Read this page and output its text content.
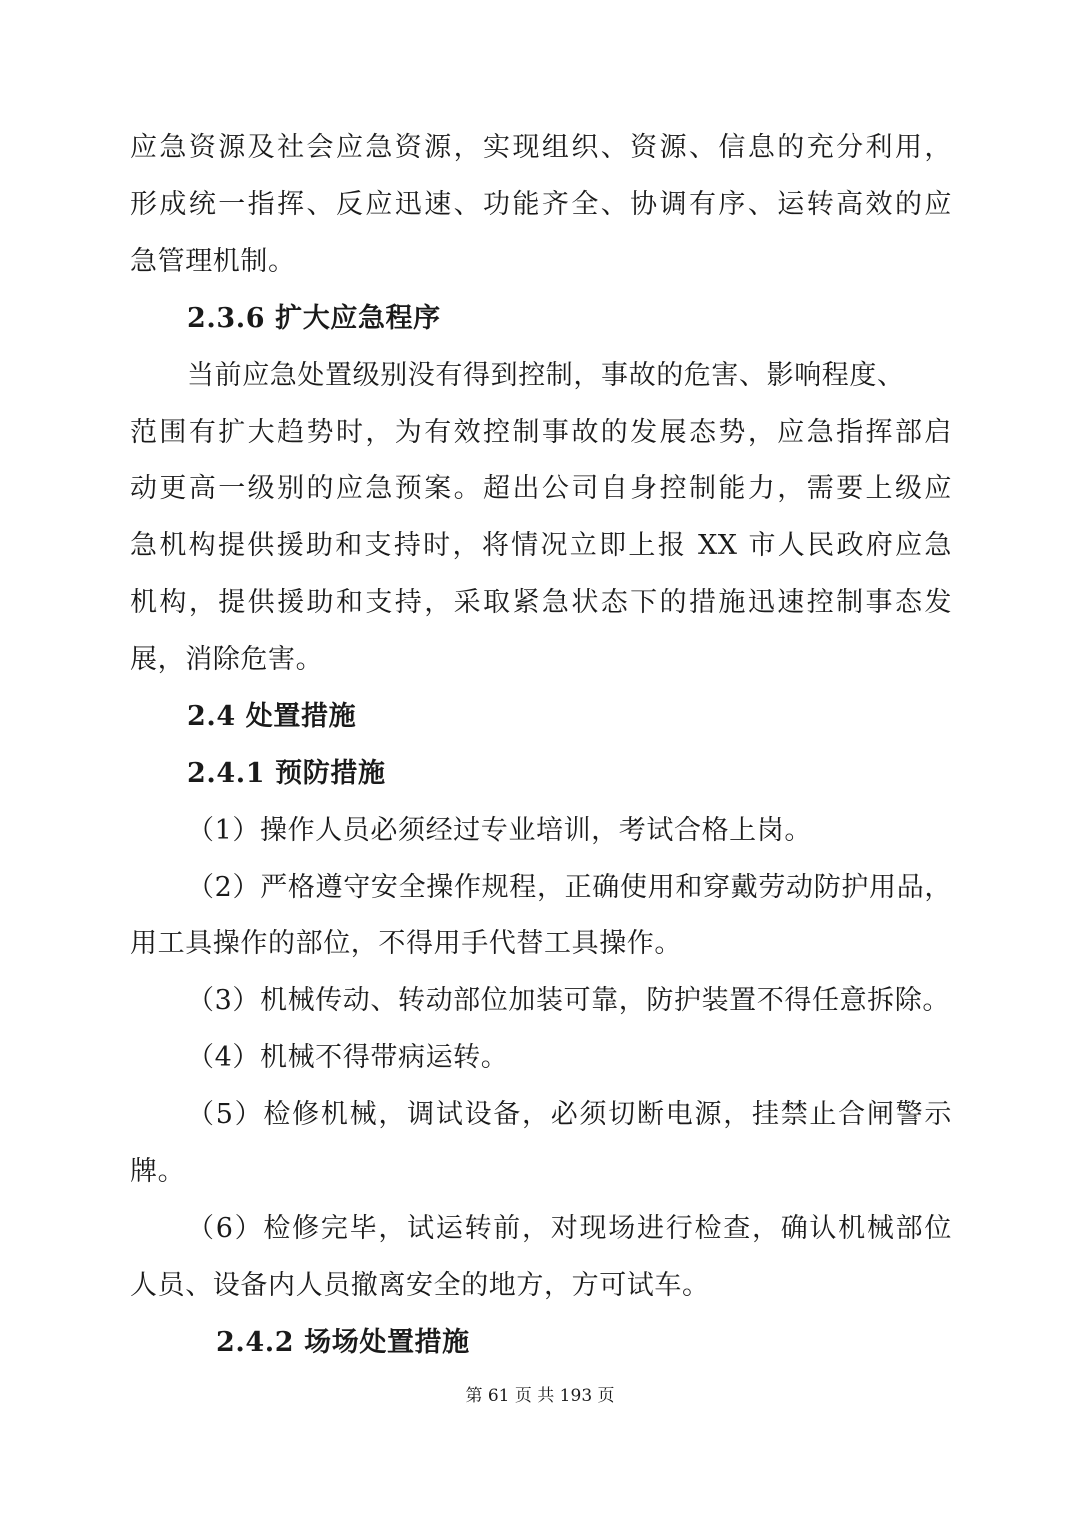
应急资源及社会应急资源，实现组织、资源、信息的充分利用，
形成统一指挥、反应迅速、功能齐全、协调有序、运转高效的应
急管理机制。
2.3.6 扩大应急程序
当前应急处置级别没有得到控制，事故的危害、影响程度、
范围有扩大趋势时，为有效控制事故的发展态势，应急指挥部启
动更高一级别的应急预案。超出公司自身控制能力，需要上级应
急机构提供援助和支持时，将情况立即上报 XX 市人民政府应急
机构，提供援助和支持，采取紧急状态下的措施迅速控制事态发
展，消除危害。
2.4 处置措施
2.4.1 预防措施
（1）操作人员必须经过专业培训，考试合格上岗。
（2）严格遵守安全操作规程，正确使用和穿戴劳动防护用品，
用工具操作的部位，不得用手代替工具操作。
（3）机械传动、转动部位加装可靠，防护装置不得任意拆除。
（4）机械不得带病运转。
（5）检修机械，调试设备，必须切断电源，挂禁止合闸警示
牌。
（6）检修完毕，试运转前，对现场进行检查，确认机械部位
人员、设备内人员撤离安全的地方，方可试车。
2.4.2 场场处置措施
第 61 页 共 193 页
